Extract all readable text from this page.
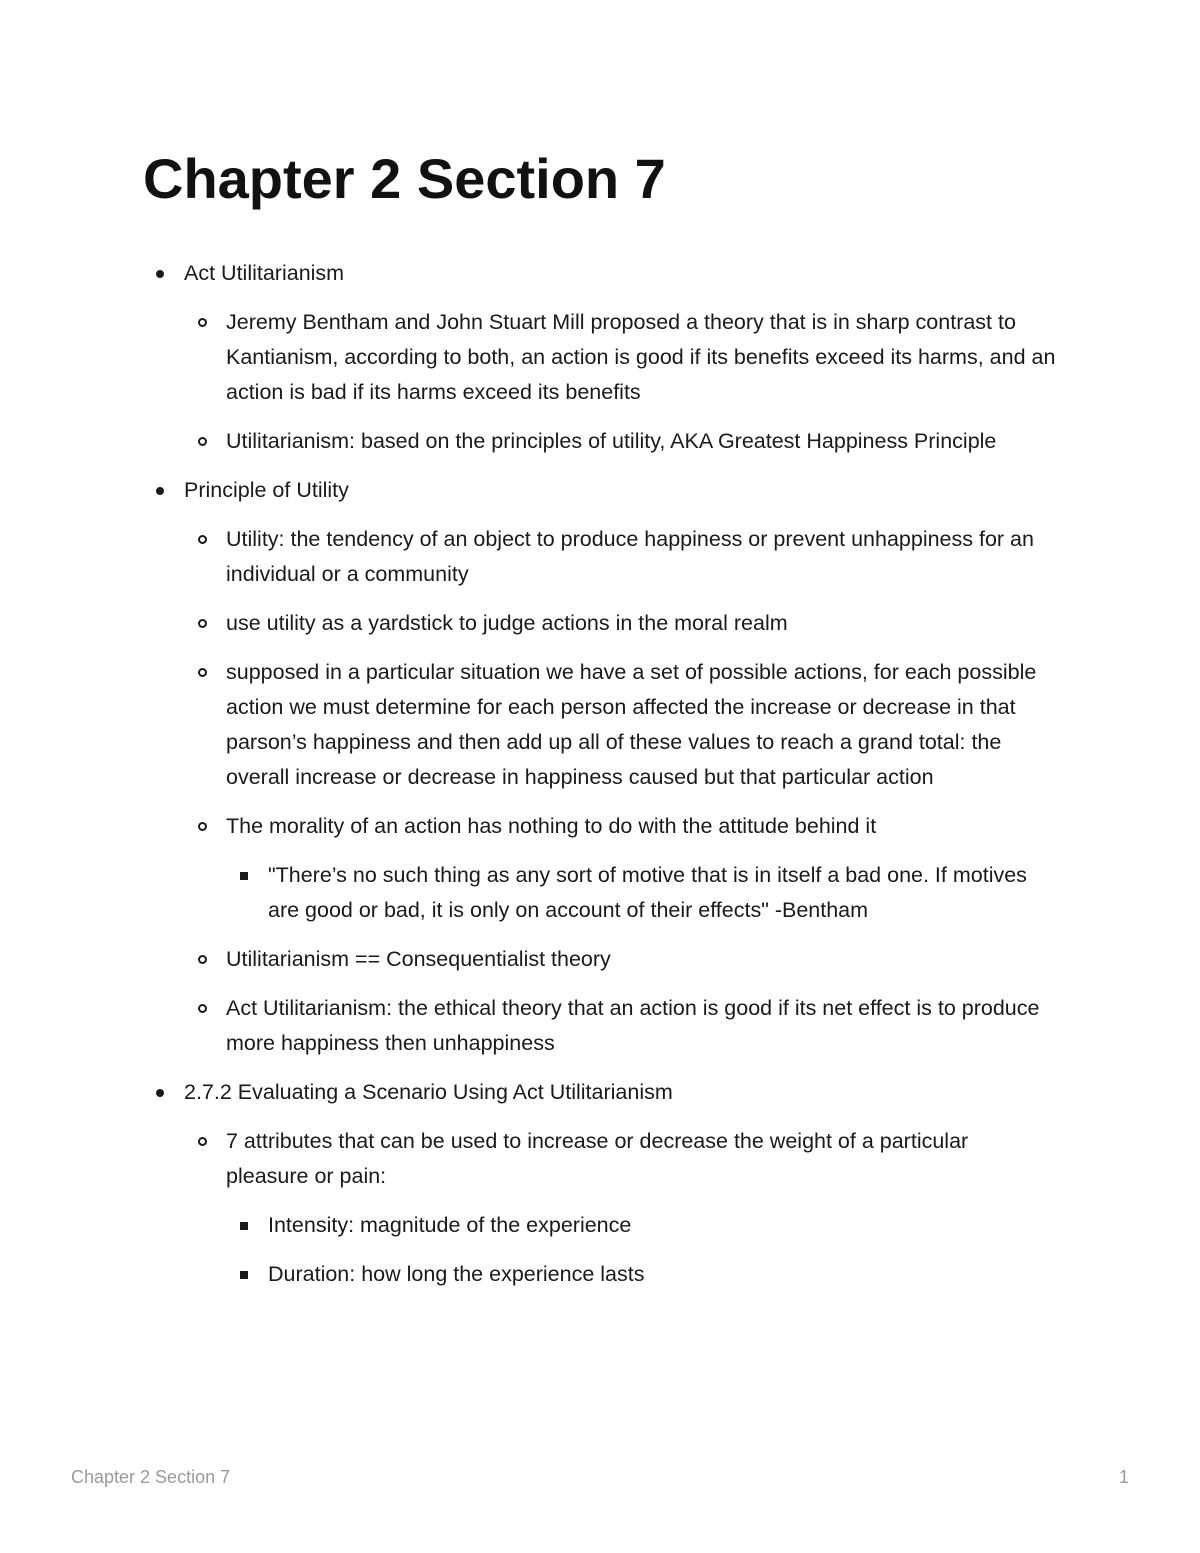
Chapter 2 Section 7
Act Utilitarianism
Jeremy Bentham and John Stuart Mill proposed a theory that is in sharp contrast to Kantianism, according to both, an action is good if its benefits exceed its harms, and an action is bad if its harms exceed its benefits
Utilitarianism: based on the principles of utility, AKA Greatest Happiness Principle
Principle of Utility
Utility: the tendency of an object to produce happiness or prevent unhappiness for an individual or a community
use utility as a yardstick to judge actions in the moral realm
supposed in a particular situation we have a set of possible actions, for each possible action we must determine for each person affected the increase or decrease in that parson’s happiness and then add up all of these values to reach a grand total: the overall increase or decrease in happiness caused but that particular action
The morality of an action has nothing to do with the attitude behind it
"There’s no such thing as any sort of motive that is in itself a bad one. If motives are good or bad, it is only on account of their effects" -Bentham
Utilitarianism == Consequentialist theory
Act Utilitarianism: the ethical theory that an action is good if its net effect is to produce more happiness then unhappiness
2.7.2 Evaluating a Scenario Using Act Utilitarianism
7 attributes that can be used to increase or decrease the weight of a particular pleasure or pain:
Intensity: magnitude of the experience
Duration: how long the experience lasts
Chapter 2 Section 7	1
